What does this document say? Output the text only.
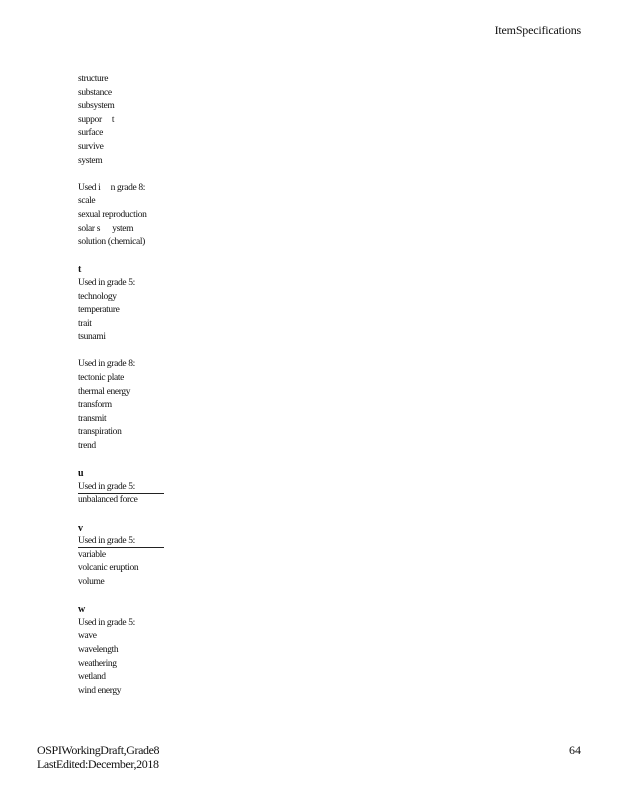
ItemSpecifications
structure
substance
subsystem
suppor     t
surface
survive
system
Used i     n grade 8:
scale
sexual reproduction
solar s      ystem
solution (chemical)
t
Used in grade 5:
technology
temperature
trait
tsunami
Used in grade 8:
tectonic plate
thermal energy
transform
transmit
transpiration
trend
u
Used in grade 5:
unbalanced force
v
Used in grade 5:
variable
volcanic eruption
volume
w
Used in grade 5:
wave
wavelength
weathering
wetland
wind energy
OSPIWorkingDraft,Grade8
LastEdited:December,2018
64
